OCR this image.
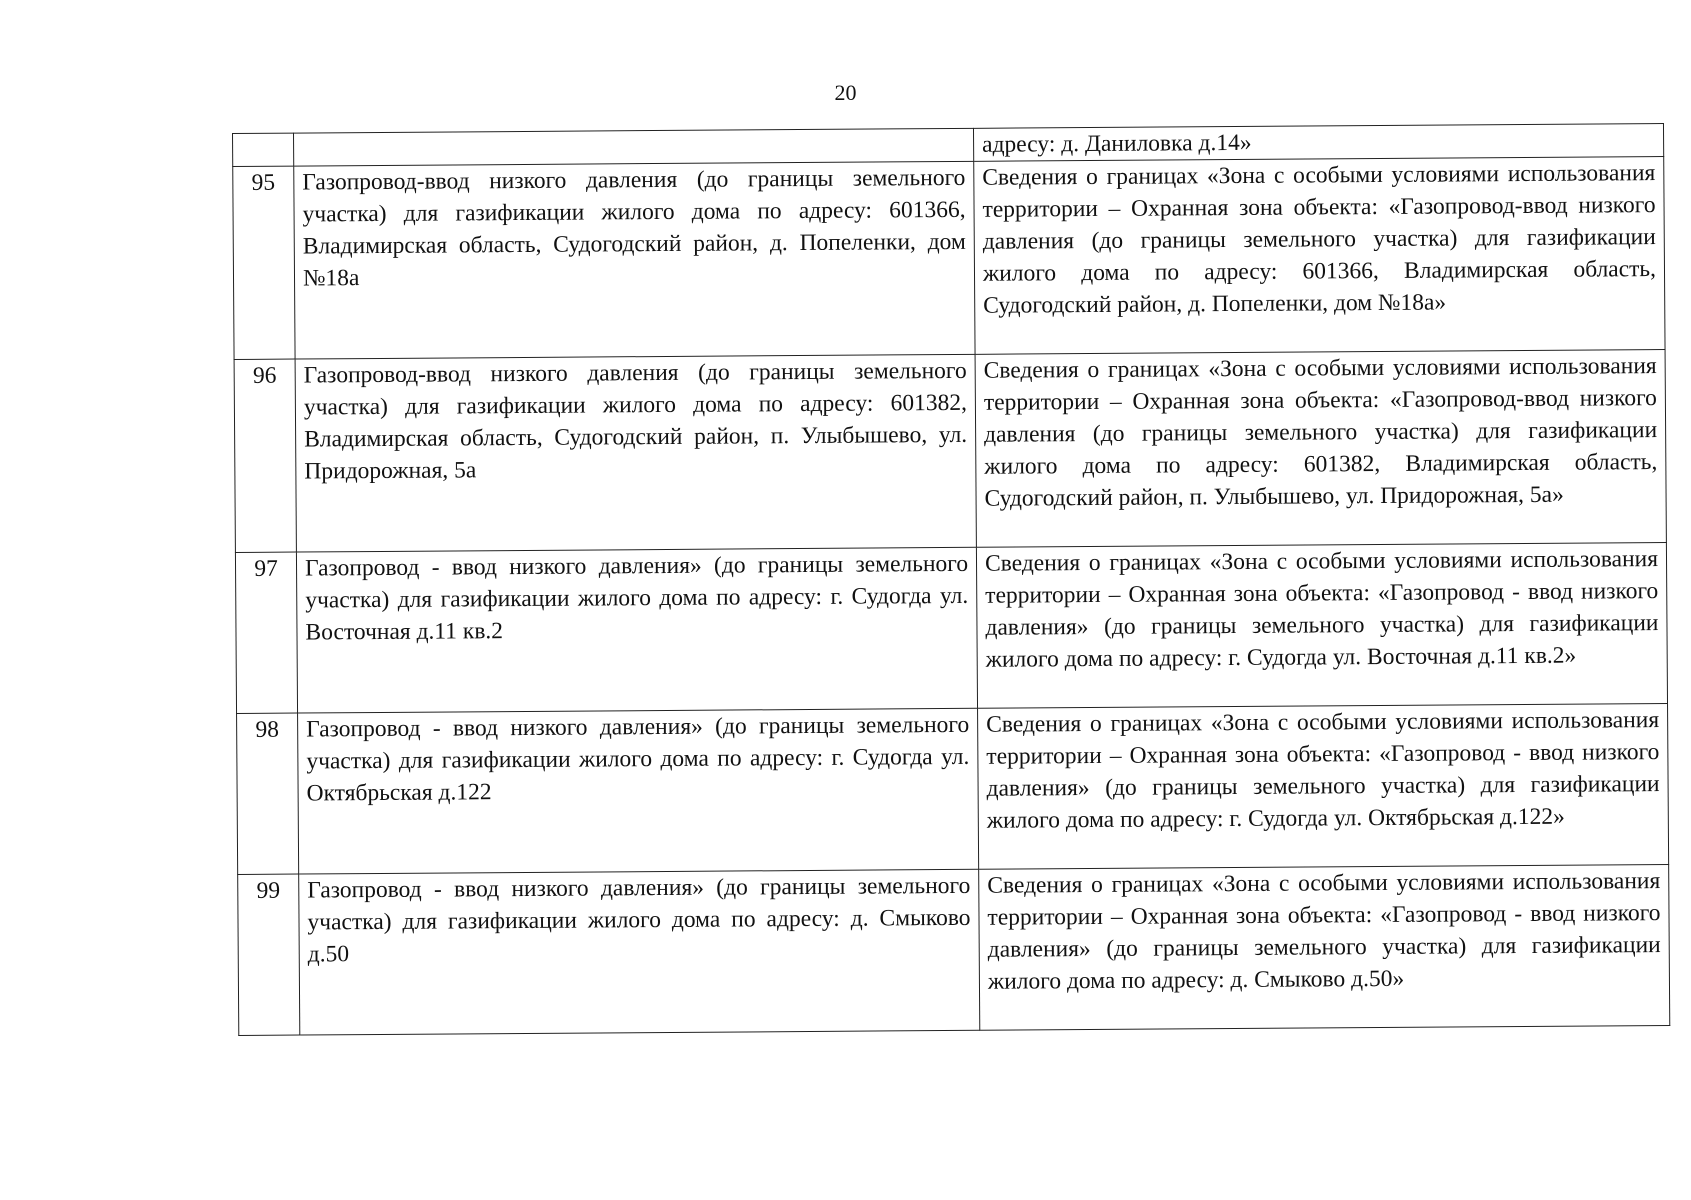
20
		адресу: д. Даниловка д.14»
95	Газопровод-ввод низкого давления (до границы земельного участка) для газификации жилого дома по адресу: 601366, Владимирская область, Судогодский район, д. Попеленки, дом №18а	Сведения о границах «Зона с особыми условиями использования территории – Охранная зона объекта: «Газопровод-ввод низкого давления (до границы земельного участка) для газификации жилого дома по адресу: 601366, Владимирская область, Судогодский район, д. Попеленки, дом №18а»
96	Газопровод-ввод низкого давления (до границы земельного участка) для газификации жилого дома по адресу: 601382, Владимирская область, Судогодский район, п. Улыбышево, ул. Придорожная, 5а	Сведения о границах «Зона с особыми условиями использования территории – Охранная зона объекта: «Газопровод-ввод низкого давления (до границы земельного участка) для газификации жилого дома по адресу: 601382, Владимирская область, Судогодский район, п. Улыбышево, ул. Придорожная, 5а»
97	Газопровод - ввод низкого давления» (до границы земельного участка) для газификации жилого дома по адресу: г. Судогда ул. Восточная д.11 кв.2	Сведения о границах «Зона с особыми условиями использования территории – Охранная зона объекта: «Газопровод - ввод низкого давления» (до границы земельного участка) для газификации жилого дома по адресу: г. Судогда ул. Восточная д.11 кв.2»
98	Газопровод - ввод низкого давления» (до границы земельного участка) для газификации жилого дома по адресу: г. Судогда ул. Октябрьская д.122	Сведения о границах «Зона с особыми условиями использования территории – Охранная зона объекта: «Газопровод - ввод низкого давления» (до границы земельного участка) для газификации жилого дома по адресу: г. Судогда ул. Октябрьская д.122»
99	Газопровод - ввод низкого давления» (до границы земельного участка) для газификации жилого дома по адресу: д. Смыково д.50	Сведения о границах «Зона с особыми условиями использования территории – Охранная зона объекта: «Газопровод - ввод низкого давления» (до границы земельного участка) для газификации жилого дома по адресу: д. Смыково д.50»
